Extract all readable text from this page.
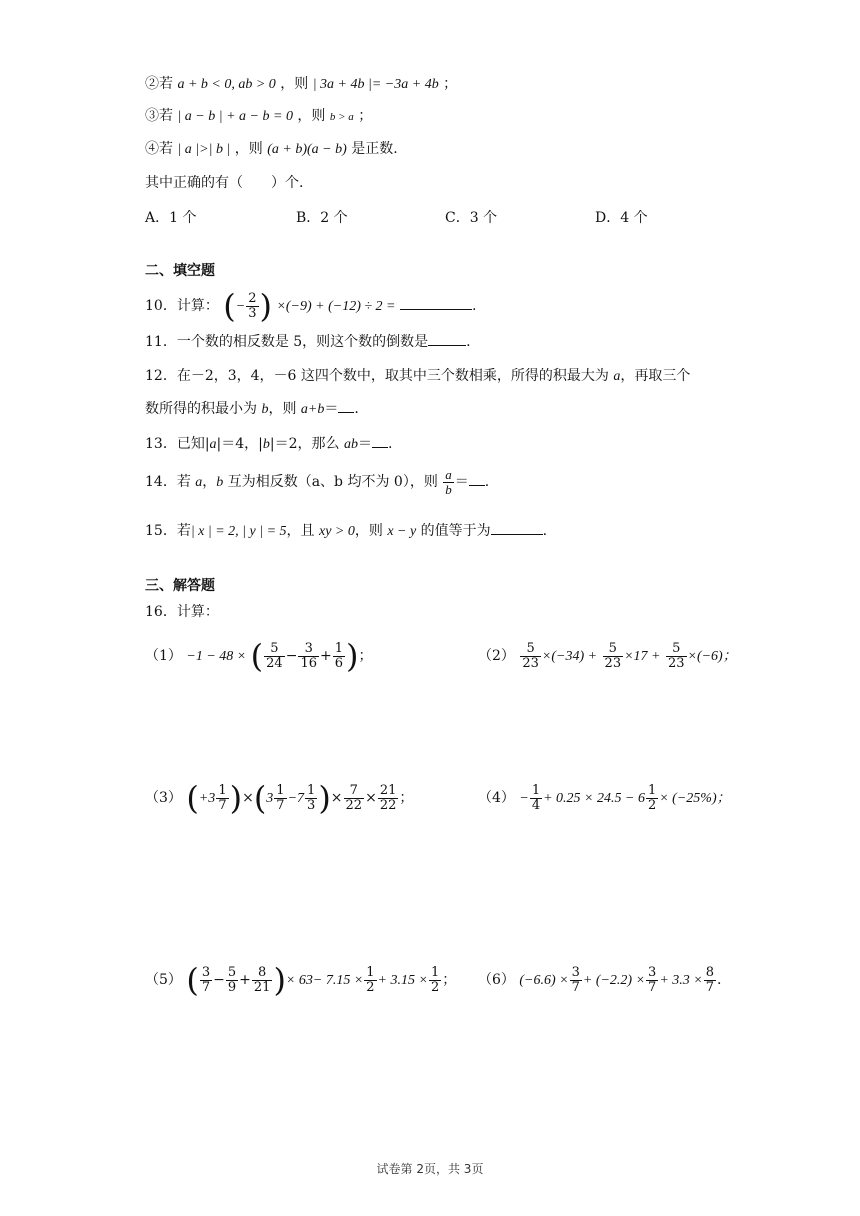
②若 a + b < 0, ab > 0 ，则 | 3a + 4b |= −3a + 4b ；
③若 | a − b | + a − b = 0 ，则 b > a ；
④若 | a |>| b | ，则 (a + b)(a − b) 是正数.
其中正确的有（　　）个.
A．1 个	B．2 个	C．3 个	D．4 个
二、填空题
10．计算： (− $\frac{2}{3}$ ) ×(−9) + (−12) ÷ 2 =	.
11．一个数的相反数是 5，则这个数的倒数是	.
12．在－2，3，4，－6 这四个数中，取其中三个数相乘，所得的积最大为 a，再取三个
数所得的积最小为 b，则 a+b＝ .
13．已知|a|＝4，|b|＝2，那么 ab＝ .
14．若 a，b 互为相反数（a、b 均不为 0），则 $\frac{a}{b}$ ＝ .
15．若| x | = 2, | y | = 5，且 xy > 0，则 x − y 的值等于为	.
三、解答题
16．计算：
（1） −1 − 48 × ( $\frac{5}{24} - \frac{3}{16} + \frac{1}{6}$ )；	$(2) \frac{5}{23} \times(-34) + \frac{5}{23} \times 17 + \frac{5}{23} \times(-6)$；
（3） $(+3 \frac{1}{7} )\times(3 \frac{1}{7} -7 \frac{1}{3}$ )× $\frac{7}{22} \times \frac{21}{22}$ ；	$(4) - \frac{1}{4} + 0.25 \times 24.5 - 6 \frac{1}{2} \times (-25\%)$；
（5） ( $\frac{3}{7} - \frac{5}{9} + \frac{8}{21}$ )× $63- 7.15 \times \frac{1}{2} + 3.15 \times \frac{1}{2}$ ； （6） $(-6.6) \times \frac{3}{7} + (-2.2) \times \frac{3}{7} + 3.3 \times \frac{8}{7}$ .
试卷第 2页，共 3页
